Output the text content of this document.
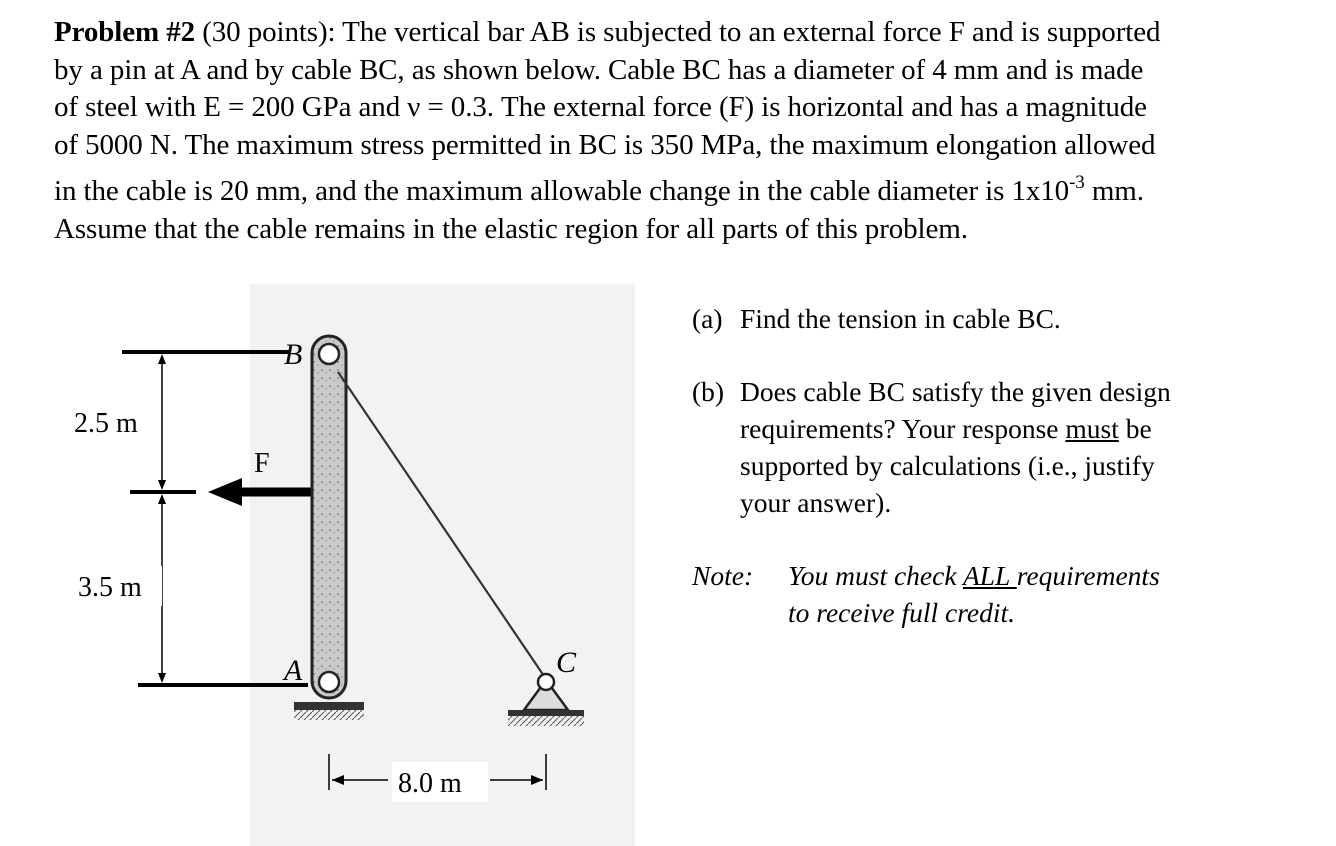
Problem #2 (30 points): The vertical bar AB is subjected to an external force F and is supported
by a pin at A and by cable BC, as shown below. Cable BC has a diameter of 4 mm and is made
of steel with E = 200 GPa and ν = 0.3. The external force (F) is horizontal and has a magnitude
of 5000 N. The maximum stress permitted in BC is 350 MPa, the maximum elongation allowed
in the cable is 20 mm, and the maximum allowable change in the cable diameter is $1x10^{-3}$ mm.
Assume that the cable remains in the elastic region for all parts of this problem.
2.5 m
3.5 m
F
B
A	C
8.0 m
(a) Find the tension in cable BC.
(b) Does cable BC satisfy the given design
requirements? Your response must be
supported by calculations (i.e., justify
your answer).
Note: You must check ALL requirements
to receive full credit.
